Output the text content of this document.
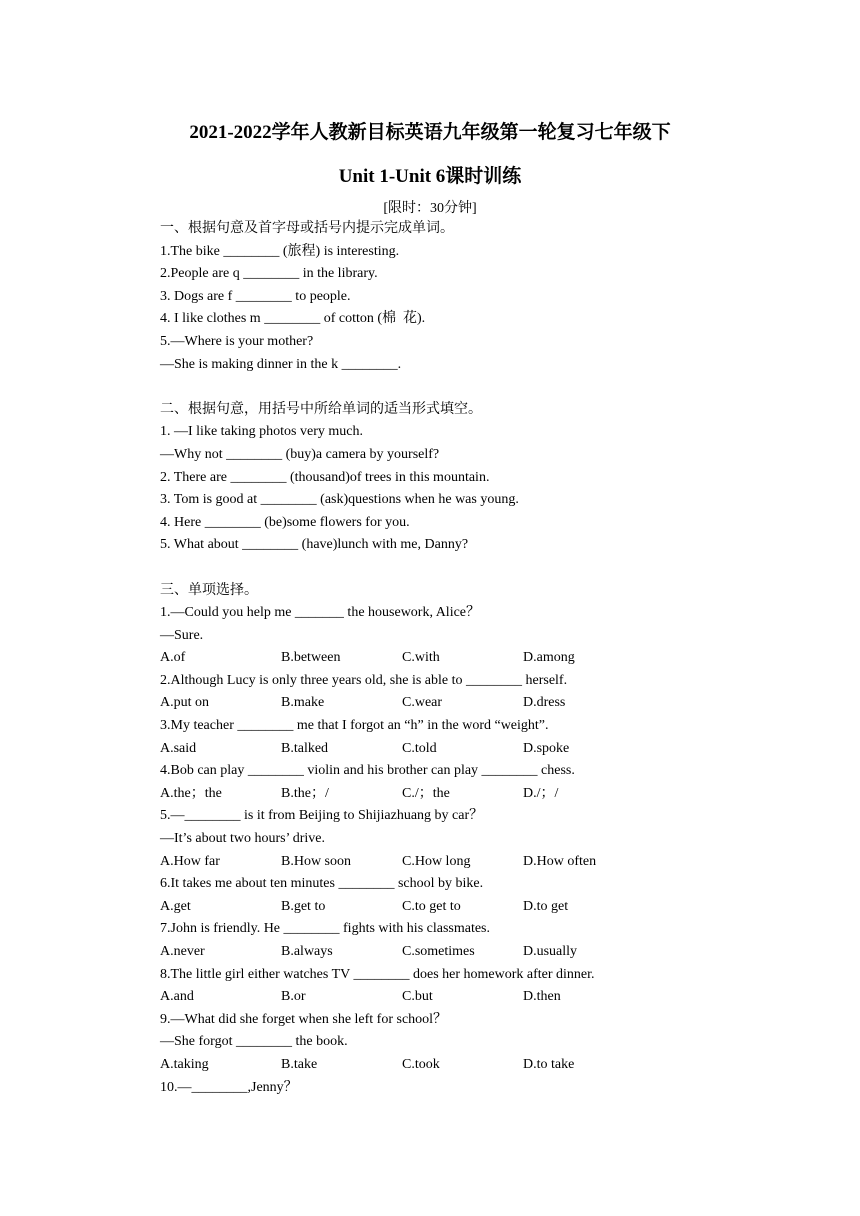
2021-2022学年人教新目标英语九年级第一轮复习七年级下
Unit 1-Unit 6课时训练
[限时：30分钟]
一、根据句意及首字母或括号内提示完成单词。
1.The bike ________ (旅程) is interesting.
2.People are q ________ in the library.
3. Dogs are f ________ to people.
4. I like clothes m ________ of cotton (棉  花).
5.—Where is your mother?
—She is making dinner in the k ________.
二、根据句意，用括号中所给单词的适当形式填空。
1. —I like taking photos very much.
—Why not ________ (buy)a camera by yourself?
2. There are ________ (thousand)of trees in this mountain.
3. Tom is good at ________ (ask)questions when he was young.
4. Here ________ (be)some flowers for you.
5. What about ________ (have)lunch with me, Danny?
三、单项选择。
1.—Could you help me _______ the housework, Alice？
—Sure.
A.of	B.between	C.with	D.among
2.Although Lucy is only three years old, she is able to ________ herself.
A.put on	B.make	C.wear	D.dress
3.My teacher ________ me that I forgot an “h” in the word “weight”.
A.said	B.talked	C.told	D.spoke
4.Bob can play ________ violin and his brother can play ________ chess.
A.the；the	B.the；/	C./；the	D./；/
5.—________ is it from Beijing to Shijiazhuang by car？
—It’s about two hours’ drive.
A.How far	B.How soon	C.How long	D.How often
6.It takes me about ten minutes ________ school by bike.
A.get	B.get to	C.to get to	D.to get
7.John is friendly. He ________ fights with his classmates.
A.never	B.always	C.sometimes	D.usually
8.The little girl either watches TV ________ does her homework after dinner.
A.and	B.or	C.but	D.then
9.—What did she forget when she left for school？
—She forgot ________ the book.
A.taking	B.take	C.took	D.to take
10.—________,Jenny？
